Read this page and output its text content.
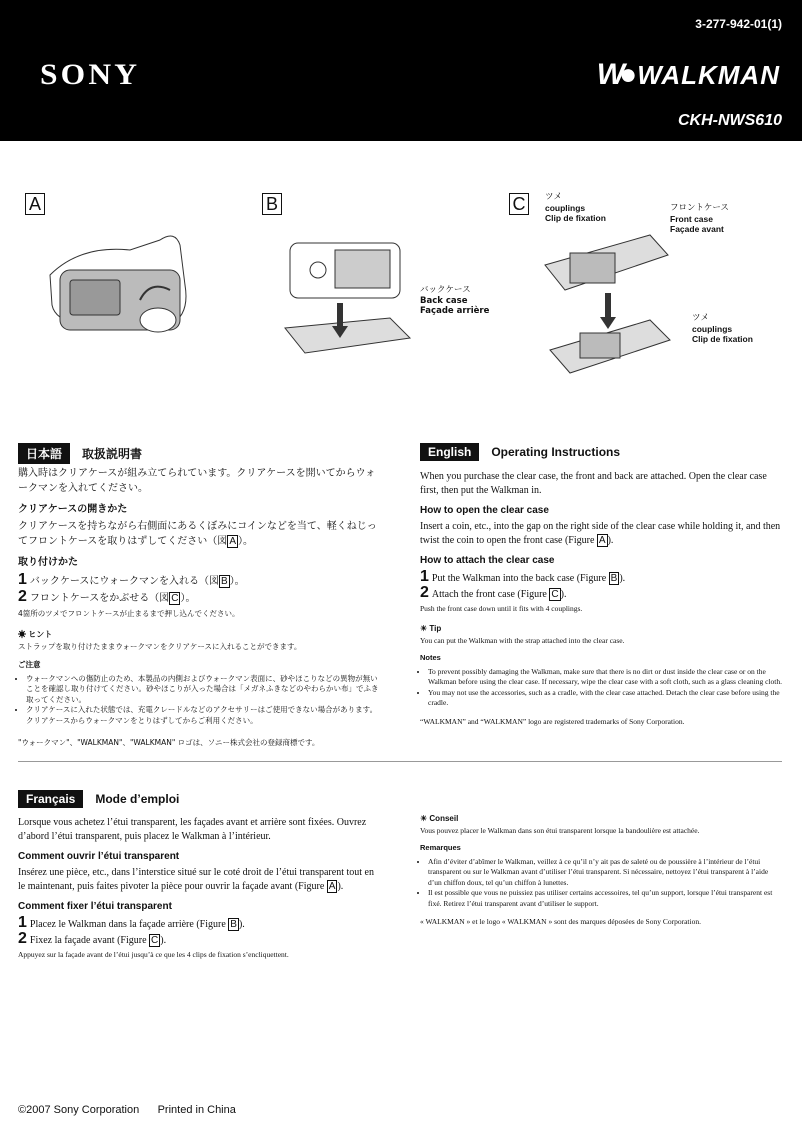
3-277-942-01(1)
SONY	W● WALKMAN
CKH-NWS610
A	B
バックケース
Back case
Façade arrière
C	ツメ
couplings
Clip de fixation
フロントケース
Front case
Façade avant
ツメ
couplings
Clip de fixation
日本語	取扱説明書

購入時はクリアケースが組み立てられています。クリアケースを開いてからウォークマンを入れてください。

クリアケースの開きかた

クリアケースを持ちながら右側面にあるくぼみにコインなどを当て、軽くねじってフロントケースを取りはずしてください（図 A ）。

取り付けかた
1 バックケースにウォークマンを入れる（図 B ）。
2 フロントケースをかぶせる（図 C ）。

4箇所のツメでフロントケースが止まるまで押し込んでください。

☀ ヒント

ストラップを取り付けたままウォークマンをクリアケースに入れることができます。

ご注意
• ウォークマンへの傷防止のため、本製品の内側およびウォークマン表面に、砂やほこりなどの異物が無いことを確認し取り付けてください。砂やほこりが入った場合は「メガネふきなどのやわらかい布」でふき取ってください。
• クリアケースに入れた状態では、充電クレードルなどのアクセサリーはご使用できない場合があります。クリアケースからウォークマンをとりはずしてからご利用ください。

"ウォークマン"、"WALKMAN"、"WALKMAN" ロゴは、ソニー株式会社の登録商標です。

English	Operating Instructions

When you purchase the clear case, the front and back are attached. Open the clear case first, then put the Walkman in.

How to open the clear case

Insert a coin, etc., into the gap on the right side of the clear case while holding it, and then twist the coin to open the front case (Figure A ).

How to attach the clear case
1 Put the Walkman into the back case (Figure B ).
2 Attach the front case (Figure C ).

Push the front case down until it fits with 4 couplings.

☀ Tip

You can put the Walkman with the strap attached into the clear case.

Notes
• To prevent possibly damaging the Walkman, make sure that there is no dirt or dust inside the clear case or on the Walkman before using the clear case. If necessary, wipe the clear case with a soft cloth, such as a glass cleaning cloth.
• You may not use the accessories, such as a cradle, with the clear case attached. Detach the clear case before using the cradle.

“WALKMAN” and “WALKMAN” logo are registered trademarks of Sony Corporation.

Français	Mode d’emploi

Lorsque vous achetez l’étui transparent, les façades avant et arrière sont fixées. Ouvrez d’abord l’étui transparent, puis placez le Walkman à l’intérieur.

Comment ouvrir l’étui transparent

Insérez une pièce, etc., dans l’interstice situé sur le coté droit de l’étui transparent tout en le maintenant, puis faites pivoter la pièce pour ouvrir la façade avant (Figure A ).

Comment fixer l’étui transparent
1 Placez le Walkman dans la façade arrière (Figure B ).
2 Fixez la façade avant (Figure C ).

Appuyez sur la façade avant de l’étui jusqu’à ce que les 4 clips de fixation s’encliquettent.

☀ Conseil

Vous pouvez placer le Walkman dans son étui transparent lorsque la bandoulière est attachée.

Remarques
• Afin d’éviter d’abîmer le Walkman, veillez à ce qu’il n’y ait pas de saleté ou de poussière à l’intérieur de l’étui transparent ou sur le Walkman avant d’utiliser l’étui transparent. Si nécessaire, nettoyez l’étui transparent à l’aide d’un chiffon doux, tel qu’un chiffon à lunettes.
• Il est possible que vous ne puissiez pas utiliser certains accessoires, tel qu’un support, lorsque l’étui transparent est fixé. Retirez l’étui transparent avant d’utiliser le support.

« WALKMAN » et le logo « WALKMAN » sont des marques déposées de Sony Corporation.

©2007 Sony Corporation Printed in China
